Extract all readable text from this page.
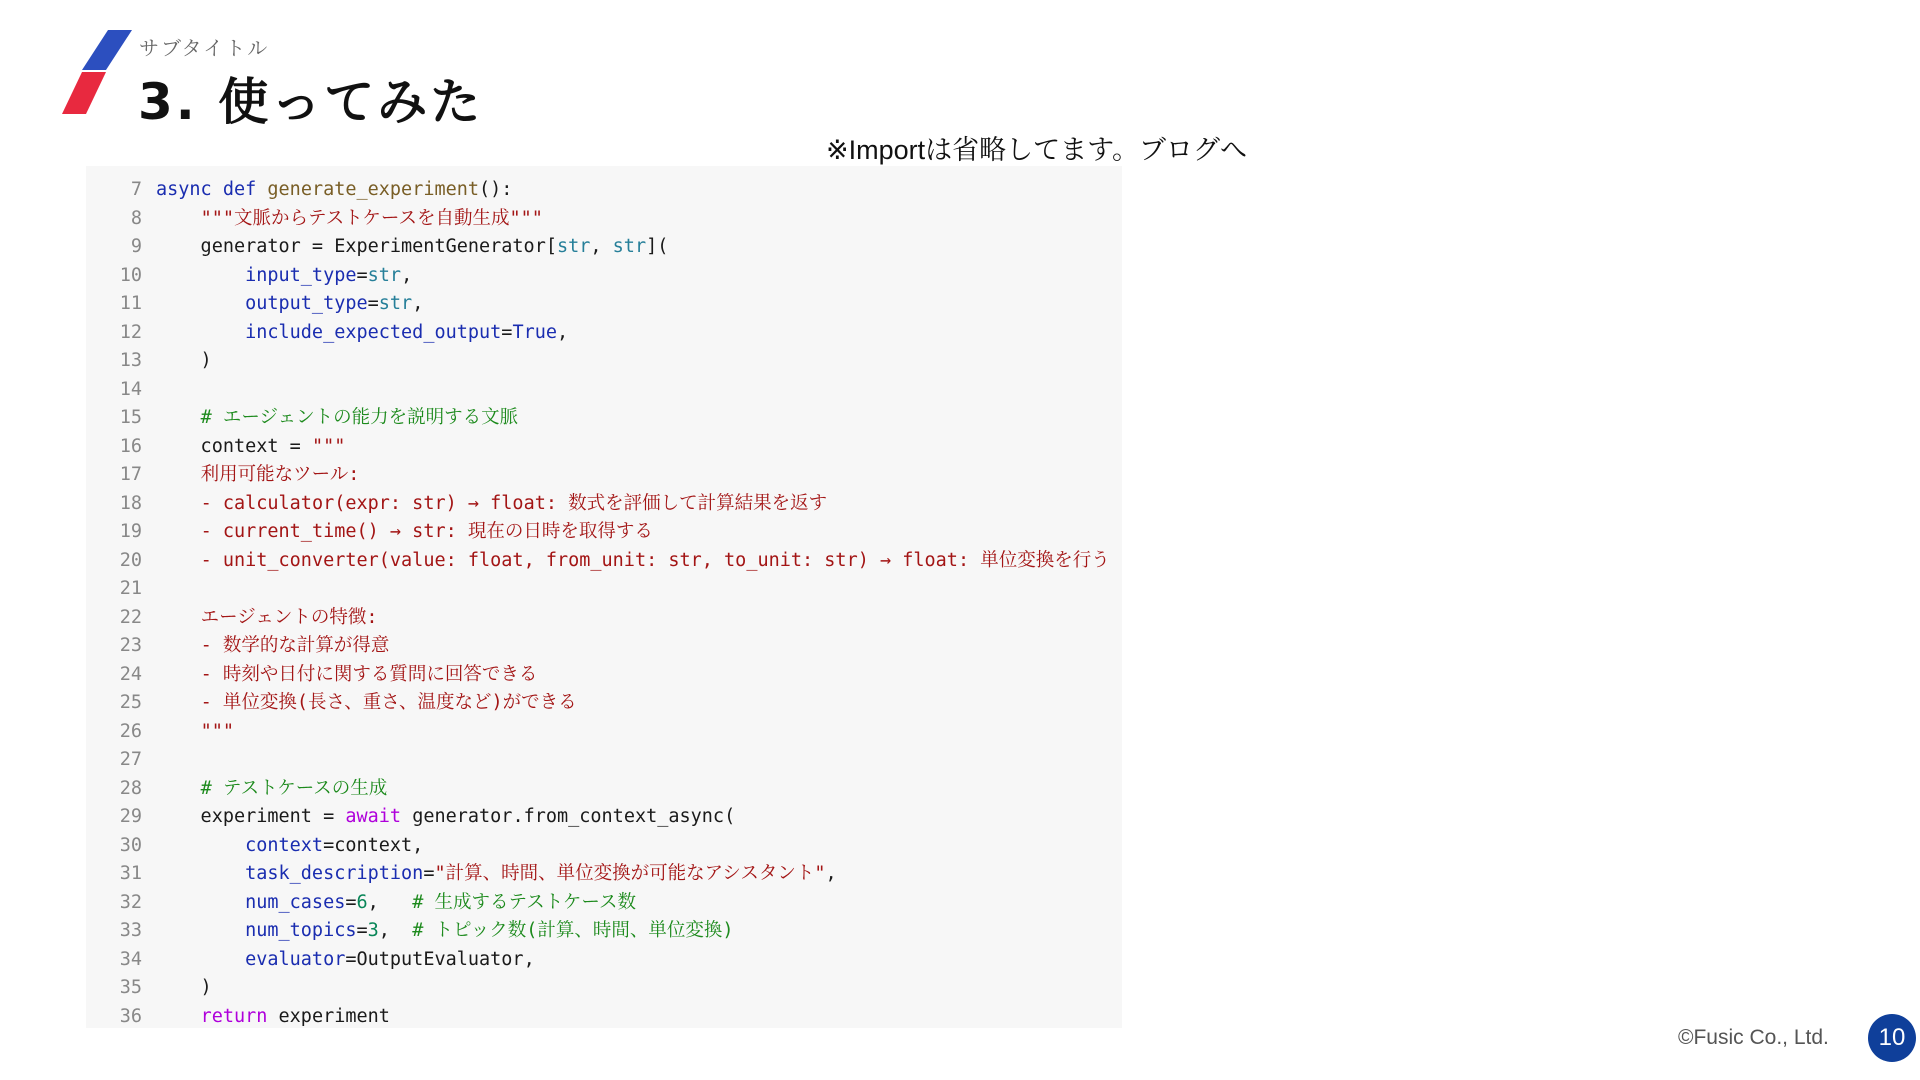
サブタイトル
3. 使ってみた
※Importは省略してます。ブログへ
7 async def generate_experiment():
8	"""文脈からテストケースを自動生成"""
9    generator = ExperimentGenerator[str, str](
10	input_type=str,
11	output_type=str,
12	include_expected_output=True,
13    )
14
15	# エージェントの能力を説明する文脈
16    context = """
17	利用可能なツール:
18	- calculator(expr: str) → float: 数式を評価して計算結果を返す
19	- current_time() → str: 現在の日時を取得する
20	- unit_converter(value: float, from_unit: str, to_unit: str) → float: 単位変換を行う
21
22	エージェントの特徴:
23	- 数学的な計算が得意
24	- 時刻や日付に関する質問に回答できる
25	- 単位変換(長さ、重さ、温度など)ができる
26	"""
27
28	# テストケースの生成
29    experiment = await generator.from_context_async(
30	context=context,
31	task_description="計算、時間、単位変換が可能なアシスタント",
32	num_cases=6,   # 生成するテストケース数
33	num_topics=3,  # トピック数(計算、時間、単位変換)
34	evaluator=OutputEvaluator,
35    )
36	return experiment
©Fusic Co., Ltd.	10
